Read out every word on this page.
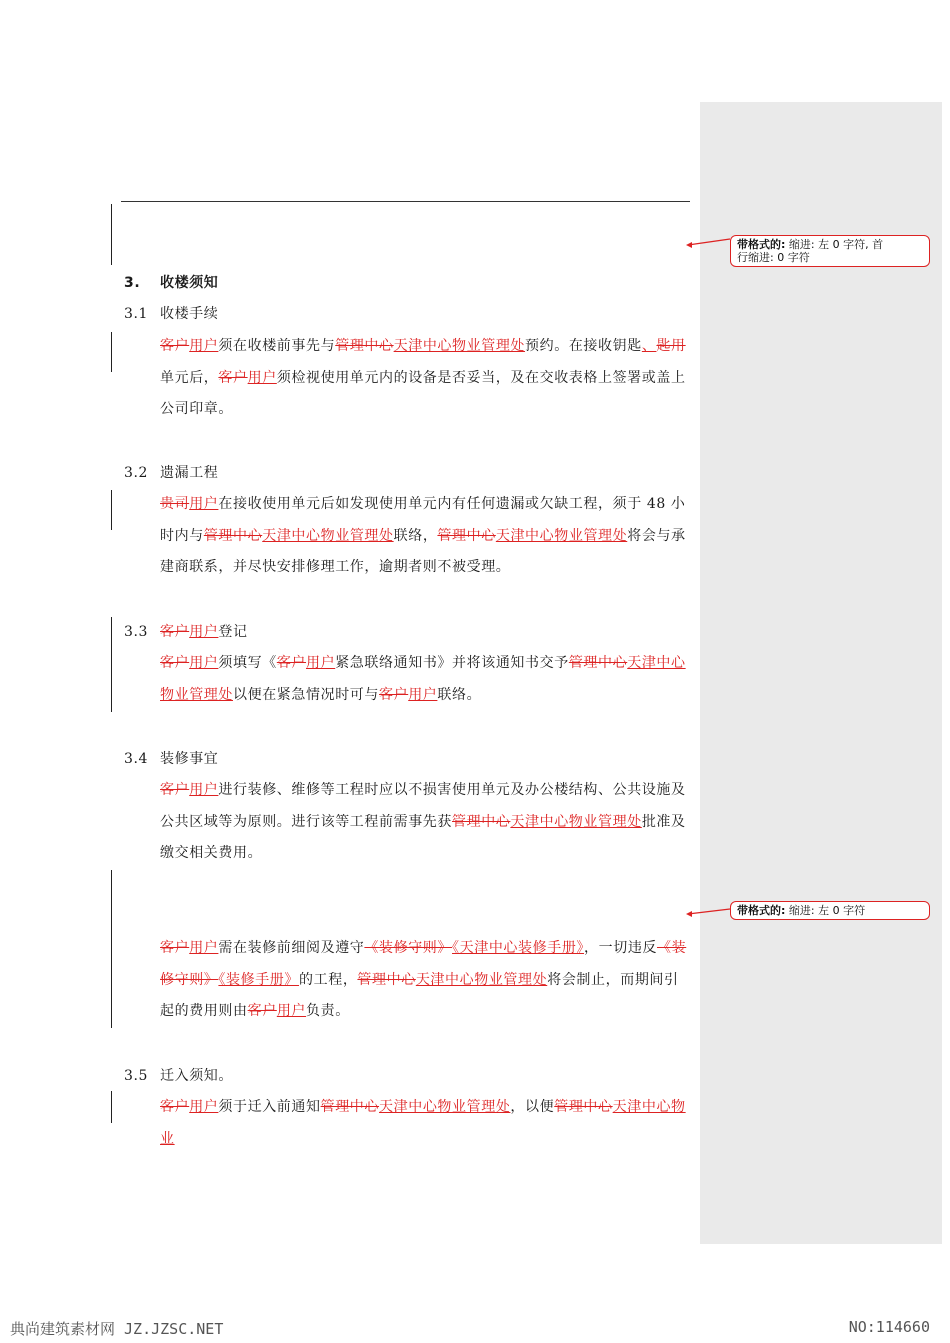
带格式的: 缩进: 左 0 字符, 首
行缩进: 0 字符
带格式的: 缩进: 左 0 字符
3. 收楼须知
3.1 收楼手续
客户用户须在收楼前事先与管理中心天津中心物业管理处预约。在接收钥匙、匙用单元后，客户用户须检视使用单元内的设备是否妥当，及在交收表格上签署或盖上公司印章。
3.2 遗漏工程
贵司用户在接收使用单元后如发现使用单元内有任何遗漏或欠缺工程，须于 48 小时内与管理中心天津中心物业管理处联络，管理中心天津中心物业管理处将会与承建商联系，并尽快安排修理工作，逾期者则不被受理。
3.3 客户用户登记
客户用户须填写《客户用户紧急联络通知书》并将该通知书交予管理中心天津中心物业管理处以便在紧急情况时可与客户用户联络。
3.4 装修事宜
客户用户进行装修、维修等工程时应以不损害使用单元及办公楼结构、公共设施及公共区域等为原则。进行该等工程前需事先获管理中心天津中心物业管理处批准及缴交相关费用。
客户用户需在装修前细阅及遵守《装修守则》《天津中心装修手册》，一切违反《装修守则》《装修手册》的工程，管理中心天津中心物业管理处将会制止，而期间引起的费用则由客户用户负责。
3.5 迁入须知。
客户用户须于迁入前通知管理中心天津中心物业管理处，以便管理中心天津中心物业
典尚建筑素材网 JZ.JZSC.NET	NO:114660
